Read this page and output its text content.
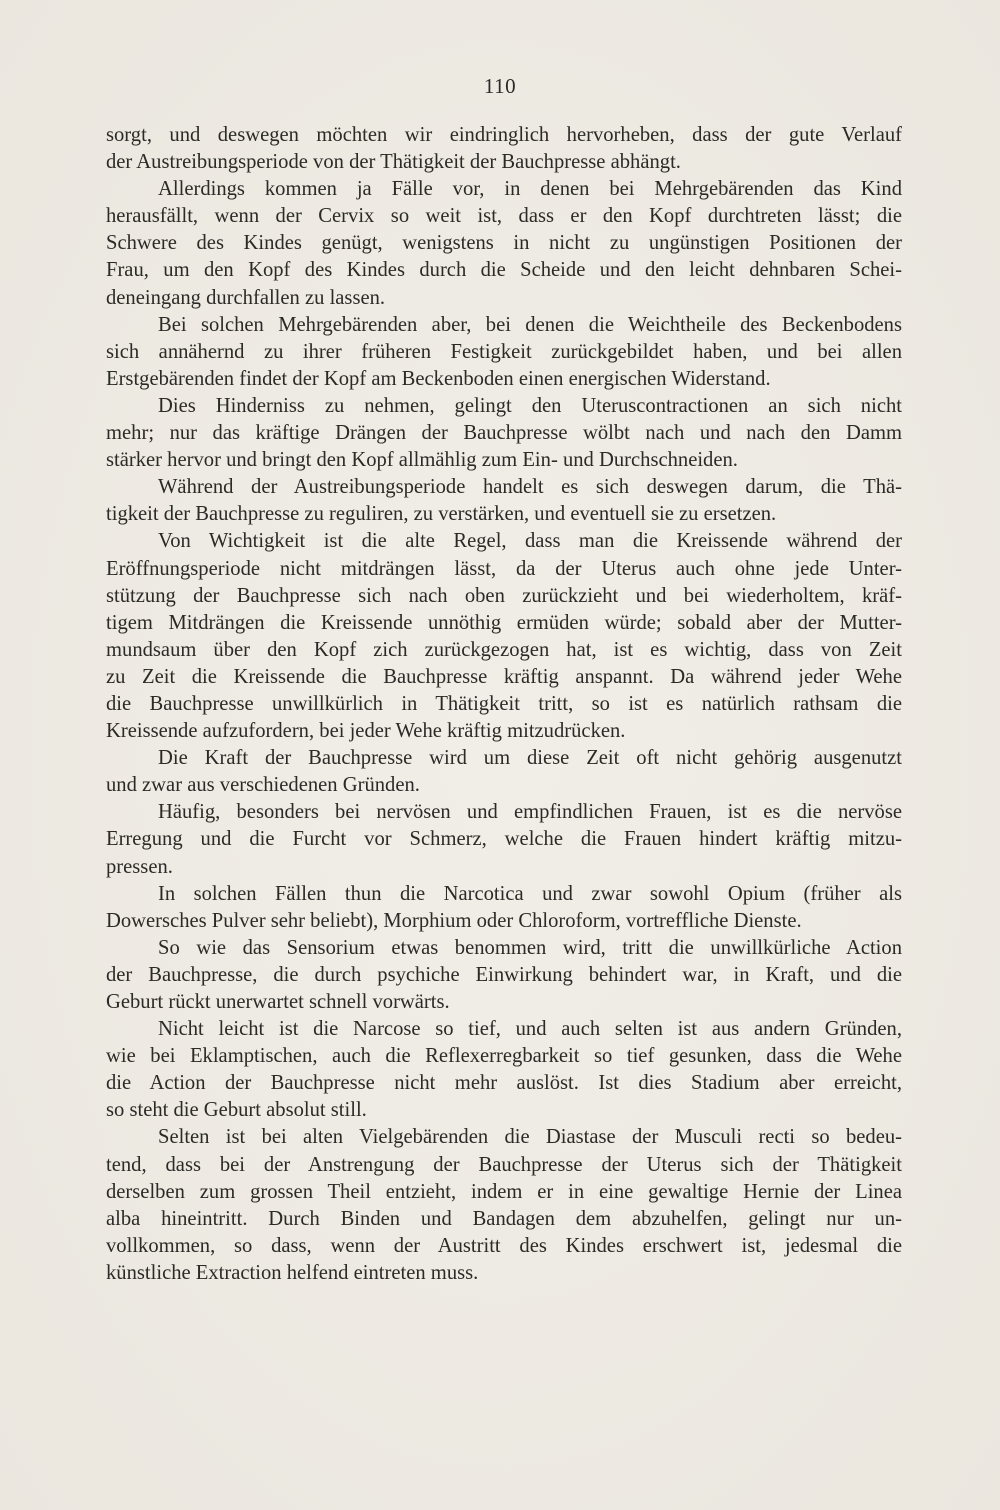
110
sorgt, und deswegen möchten wir eindringlich hervorheben, dass der gute Verlauf
der Austreibungsperiode von der Thätigkeit der Bauchpresse abhängt.
Allerdings kommen ja Fälle vor, in denen bei Mehrgebärenden das Kind
herausfällt, wenn der Cervix so weit ist, dass er den Kopf durchtreten lässt; die
Schwere des Kindes genügt, wenigstens in nicht zu ungünstigen Positionen der
Frau, um den Kopf des Kindes durch die Scheide und den leicht dehnbaren Schei-
deneingang durchfallen zu lassen.
Bei solchen Mehrgebärenden aber, bei denen die Weichtheile des Beckenbodens
sich annähernd zu ihrer früheren Festigkeit zurückgebildet haben, und bei allen
Erstgebärenden findet der Kopf am Beckenboden einen energischen Widerstand.
Dies Hinderniss zu nehmen, gelingt den Uteruscontractionen an sich nicht
mehr; nur das kräftige Drängen der Bauchpresse wölbt nach und nach den Damm
stärker hervor und bringt den Kopf allmählig zum Ein- und Durchschneiden.
Während der Austreibungsperiode handelt es sich deswegen darum, die Thä-
tigkeit der Bauchpresse zu reguliren, zu verstärken, und eventuell sie zu ersetzen.
Von Wichtigkeit ist die alte Regel, dass man die Kreissende während der
Eröffnungsperiode nicht mitdrängen lässt, da der Uterus auch ohne jede Unter-
stützung der Bauchpresse sich nach oben zurückzieht und bei wiederholtem, kräf-
tigem Mitdrängen die Kreissende unnöthig ermüden würde; sobald aber der Mutter-
mundsaum über den Kopf zich zurückgezogen hat, ist es wichtig, dass von Zeit
zu Zeit die Kreissende die Bauchpresse kräftig anspannt. Da während jeder Wehe
die Bauchpresse unwillkürlich in Thätigkeit tritt, so ist es natürlich rathsam die
Kreissende aufzufordern, bei jeder Wehe kräftig mitzudrücken.
Die Kraft der Bauchpresse wird um diese Zeit oft nicht gehörig ausgenutzt
und zwar aus verschiedenen Gründen.
Häufig, besonders bei nervösen und empfindlichen Frauen, ist es die nervöse
Erregung und die Furcht vor Schmerz, welche die Frauen hindert kräftig mitzu-
pressen.
In solchen Fällen thun die Narcotica und zwar sowohl Opium (früher als
Dowersches Pulver sehr beliebt), Morphium oder Chloroform, vortreffliche Dienste.
So wie das Sensorium etwas benommen wird, tritt die unwillkürliche Action
der Bauchpresse, die durch psychiche Einwirkung behindert war, in Kraft, und die
Geburt rückt unerwartet schnell vorwärts.
Nicht leicht ist die Narcose so tief, und auch selten ist aus andern Gründen,
wie bei Eklamptischen, auch die Reflexerregbarkeit so tief gesunken, dass die Wehe
die Action der Bauchpresse nicht mehr auslöst. Ist dies Stadium aber erreicht,
so steht die Geburt absolut still.
Selten ist bei alten Vielgebärenden die Diastase der Musculi recti so bedeu-
tend, dass bei der Anstrengung der Bauchpresse der Uterus sich der Thätigkeit
derselben zum grossen Theil entzieht, indem er in eine gewaltige Hernie der Linea
alba hineintritt. Durch Binden und Bandagen dem abzuhelfen, gelingt nur un-
vollkommen, so dass, wenn der Austritt des Kindes erschwert ist, jedesmal die
künstliche Extraction helfend eintreten muss.
